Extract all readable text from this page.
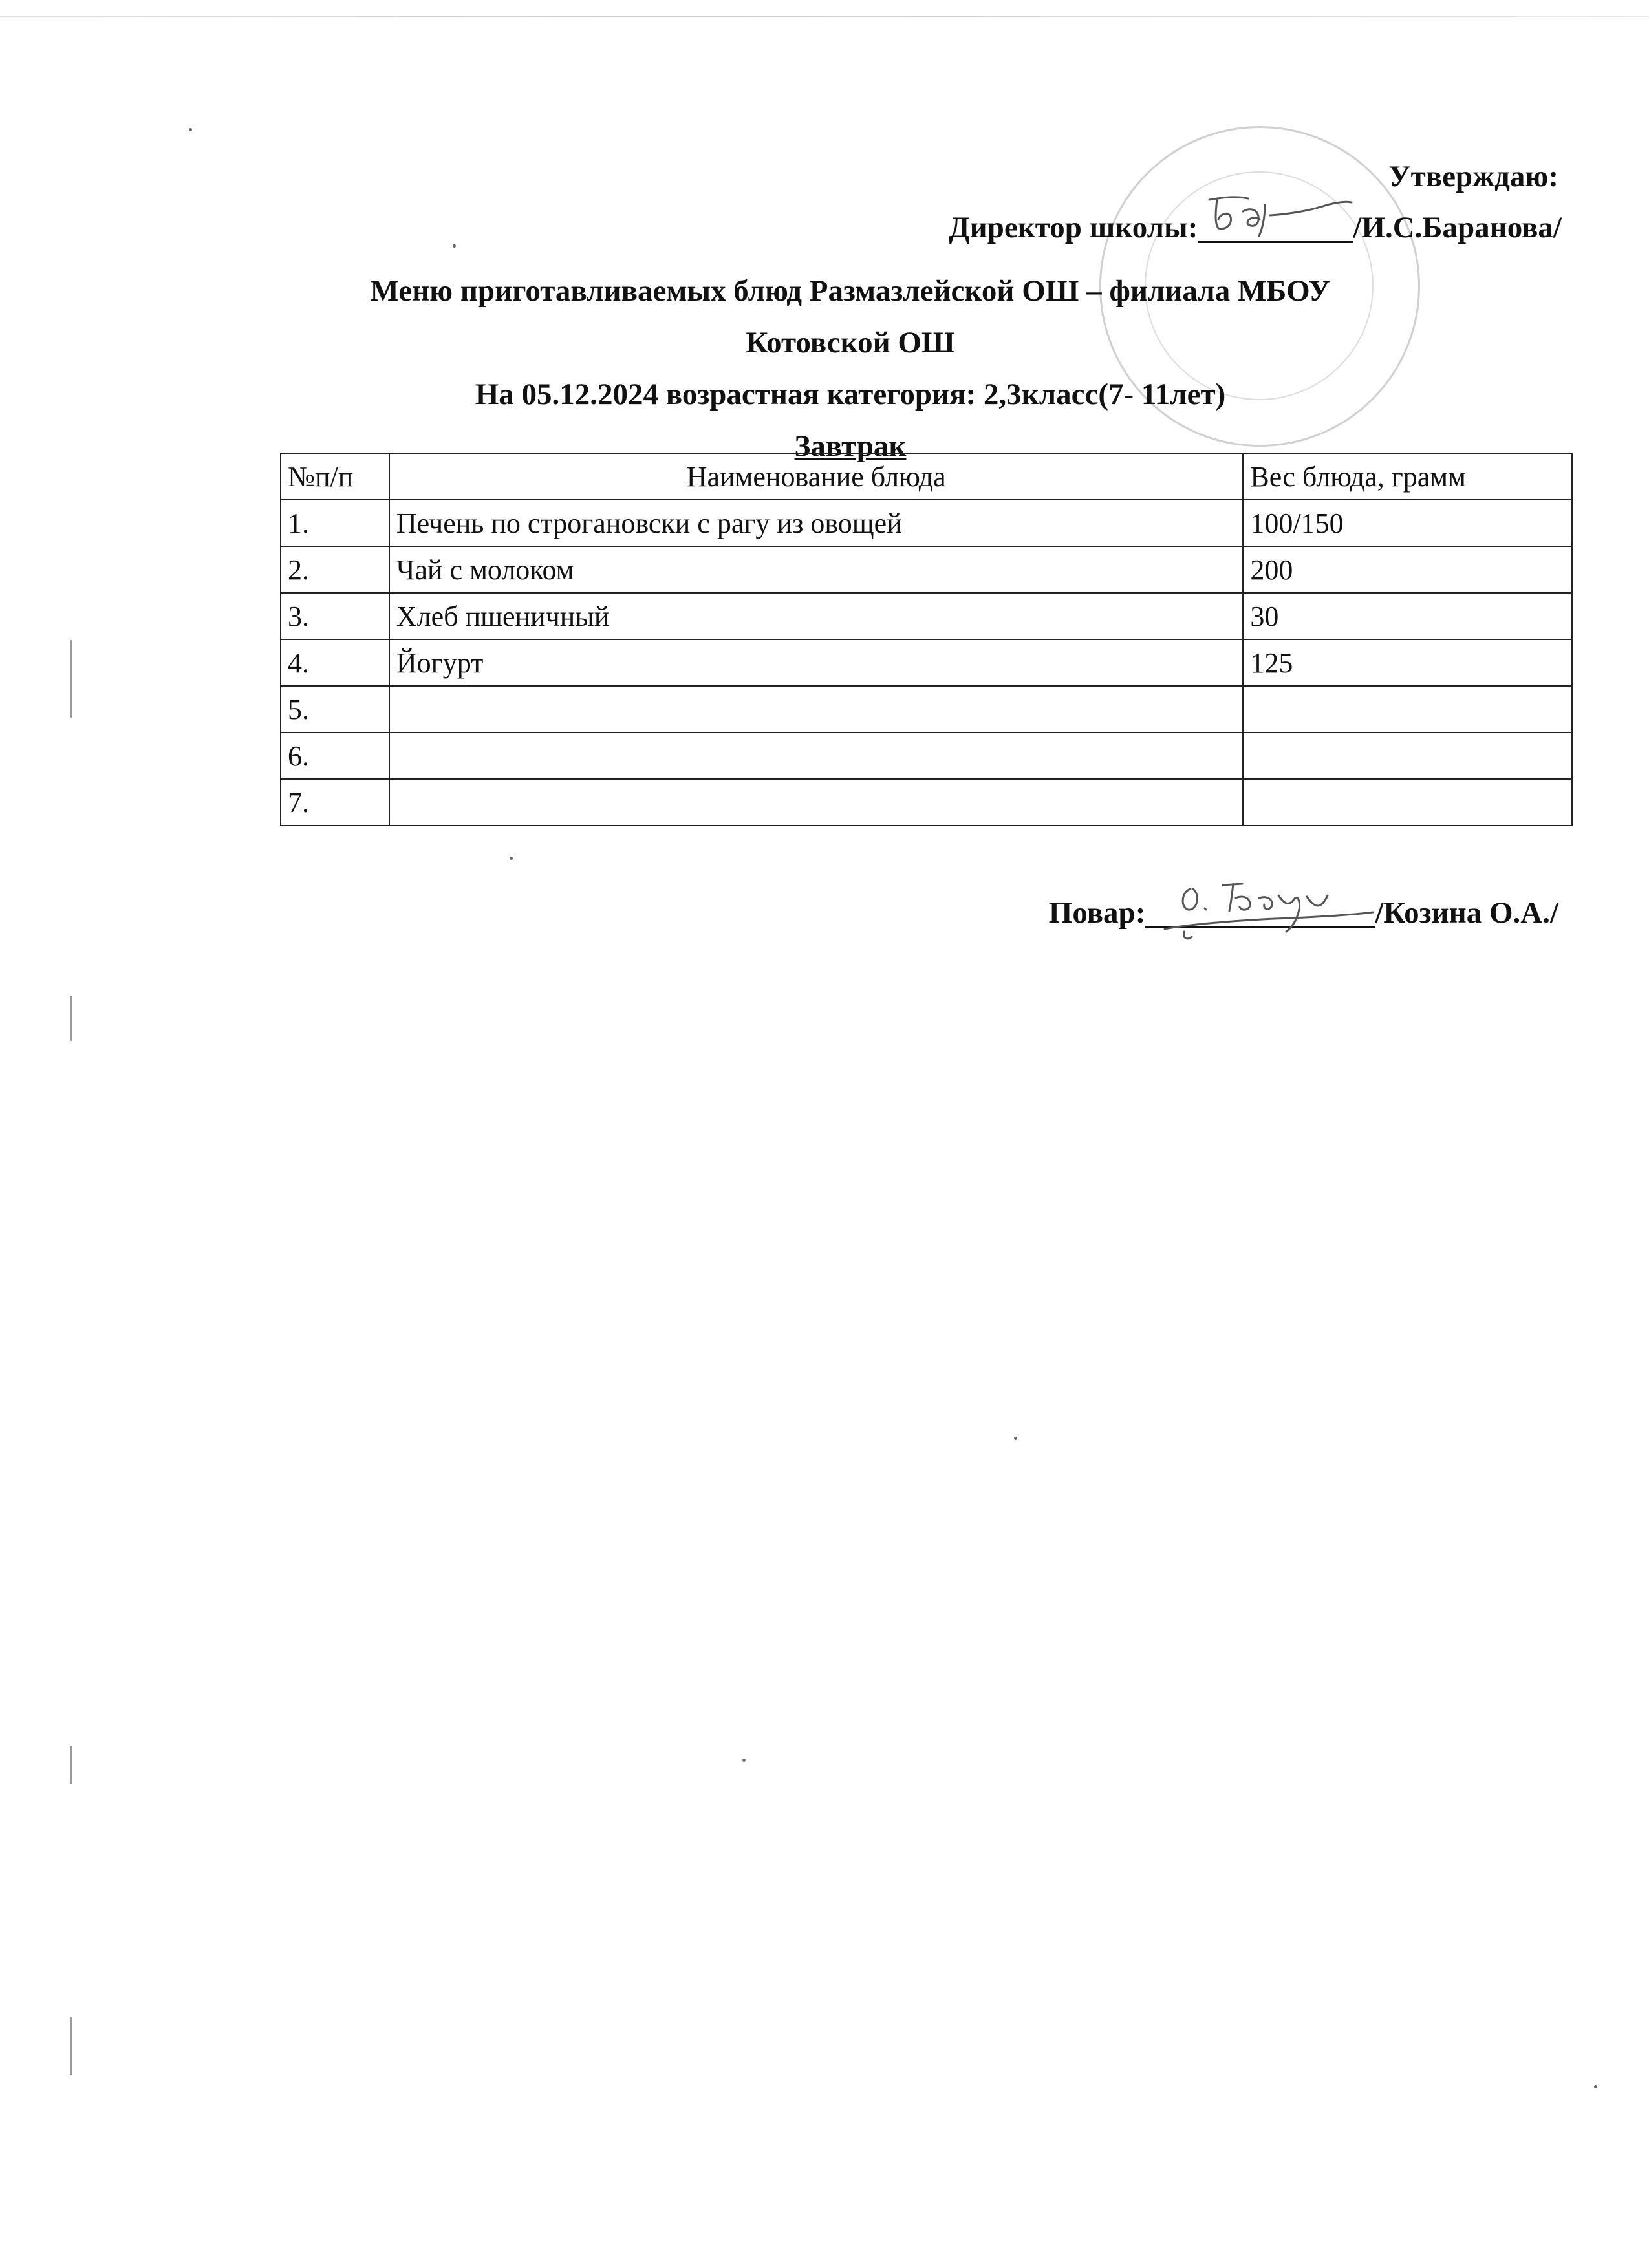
Утверждаю:
Директор школы:	/И.С.Баранова/
Меню приготавливаемых блюд Размазлейской ОШ – филиала МБОУ
Котовской ОШ
На 05.12.2024 возрастная категория: 2,3класс(7- 11лет)
Завтрак
№п/п	Наименование блюда	Вес блюда, грамм
1.	Печень по строгановски с рагу из овощей	100/150
2.	Чай с молоком	200
3.	Хлеб пшеничный	30
4.	Йогурт	125
5.		
6.		
7.		
Повар:	/Козина О.А./
